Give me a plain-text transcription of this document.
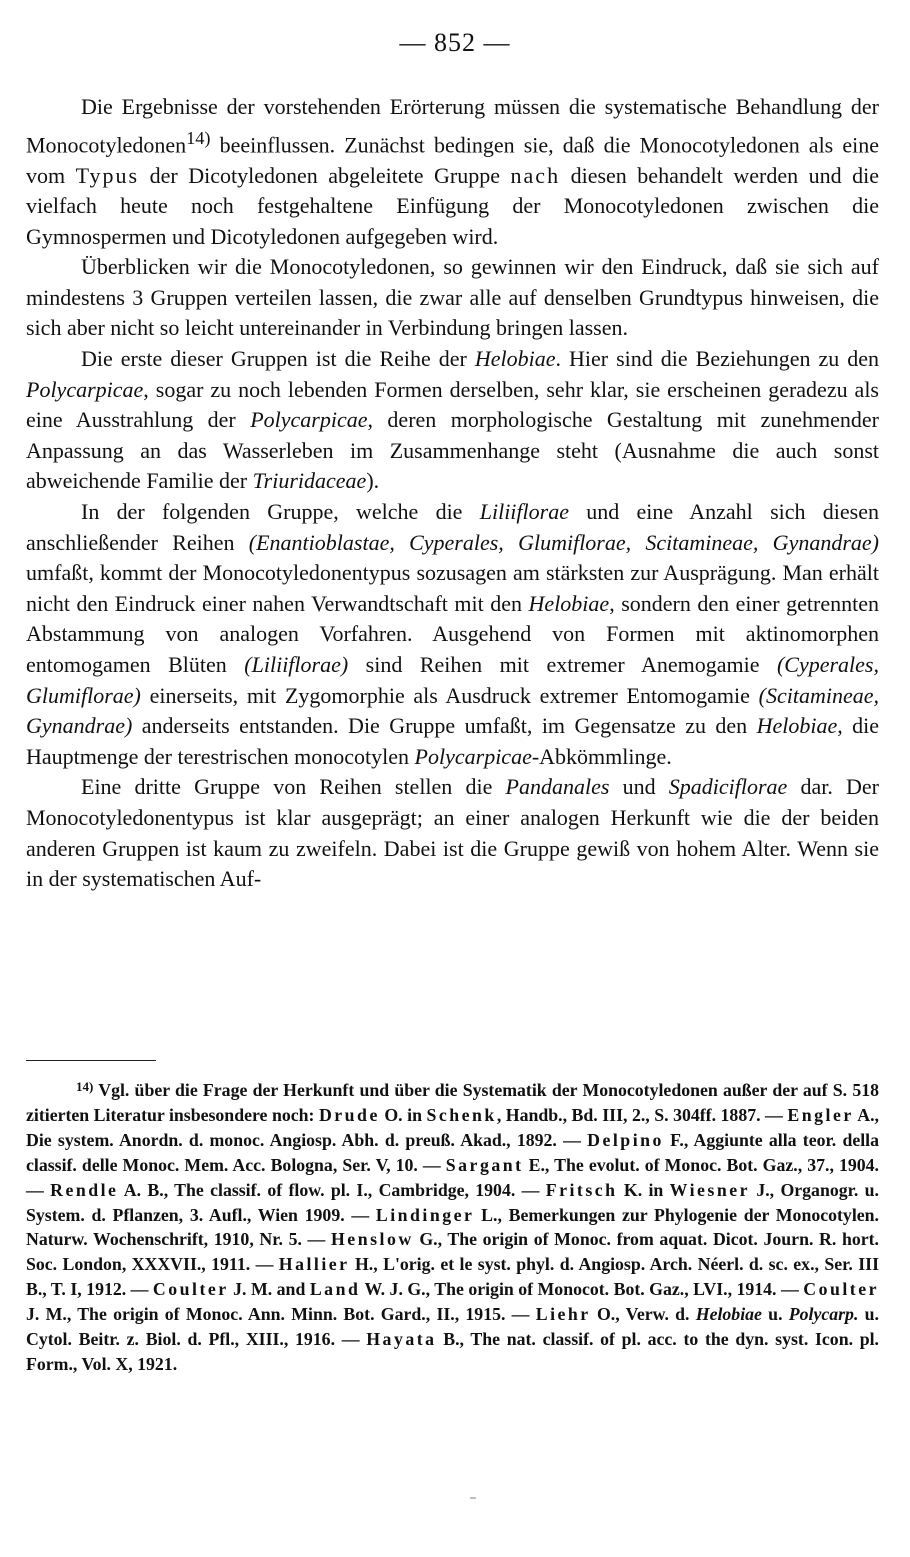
— 852 —

Die Ergebnisse der vorstehenden Erörterung müssen die systematische Behandlung der Monocotyledonen$^{14)}$ beeinflussen. Zunächst bedingen sie, daß die Monocotyledonen als eine vom Typus der Dicotyledonen abgeleitete Gruppe nach diesen behandelt werden und die vielfach heute noch festgehaltene Einfügung der Monocotyledonen zwischen die Gymnospermen und Dicotyledonen aufgegeben wird.

Überblicken wir die Monocotyledonen, so gewinnen wir den Eindruck, daß sie sich auf mindestens 3 Gruppen verteilen lassen, die zwar alle auf denselben Grundtypus hinweisen, die sich aber nicht so leicht untereinander in Verbindung bringen lassen.

Die erste dieser Gruppen ist die Reihe der Helobiae. Hier sind die Beziehungen zu den Polycarpicae, sogar zu noch lebenden Formen derselben, sehr klar, sie erscheinen geradezu als eine Ausstrahlung der Polycarpicae, deren morphologische Gestaltung mit zunehmender Anpassung an das Wasserleben im Zusammenhange steht (Ausnahme die auch sonst abweichende Familie der Triuridaceae).

In der folgenden Gruppe, welche die Liliiflorae und eine Anzahl sich diesen anschließender Reihen (Enantioblastae, Cyperales, Glumiflorae, Scitamineae, Gynandrae) umfaßt, kommt der Monocotyledonentypus sozusagen am stärksten zur Ausprägung. Man erhält nicht den Eindruck einer nahen Verwandtschaft mit den Helobiae, sondern den einer getrennten Abstammung von analogen Vorfahren. Ausgehend von Formen mit aktinomorphen entomogamen Blüten (Liliiflorae) sind Reihen mit extremer Anemogamie (Cyperales, Glumiflorae) einerseits, mit Zygomorphie als Ausdruck extremer Entomogamie (Scitamineae, Gynandrae) anderseits entstanden. Die Gruppe umfaßt, im Gegensatze zu den Helobiae, die Hauptmenge der terestrischen monocotylen Polycarpicae-Abkömmlinge.

Eine dritte Gruppe von Reihen stellen die Pandanales und Spadiciflorae dar. Der Monocotyledonentypus ist klar ausgeprägt; an einer analogen Herkunft wie die der beiden anderen Gruppen ist kaum zu zweifeln. Dabei ist die Gruppe gewiß von hohem Alter. Wenn sie in der systematischen Auf-

$^{14)}$ Vgl. über die Frage der Herkunft und über die Systematik der Monocotyledonen außer der auf S. 518 zitierten Literatur insbesondere noch: Drude O. in Schenk, Handb., Bd. III, 2., S. 304ff. 1887. — Engler A., Die system. Anordn. d. monoc. Angiosp. Abh. d. preuß. Akad., 1892. — Delpino F., Aggiunte alla teor. della classif. delle Monoc. Mem. Acc. Bologna, Ser. V, 10. — Sargant E., The evolut. of Monoc. Bot. Gaz., 37., 1904. — Rendle A. B., The classif. of flow. pl. I., Cambridge, 1904. — Fritsch K. in Wiesner J., Organogr. u. System. d. Pflanzen, 3. Aufl., Wien 1909. — Lindinger L., Bemerkungen zur Phylogenie der Monocotylen. Naturw. Wochenschrift, 1910, Nr. 5. — Henslow G., The origin of Monoc. from aquat. Dicot. Journ. R. hort. Soc. London, XXXVII., 1911. — Hallier H., L'orig. et le syst. phyl. d. Angiosp. Arch. Néerl. d. sc. ex., Ser. III B., T. I, 1912. — Coulter J. M. and Land W. J. G., The origin of Monocot. Bot. Gaz., LVI., 1914. — Coulter J. M., The origin of Monoc. Ann. Minn. Bot. Gard., II., 1915. — Liehr O., Verw. d. Helobiae u. Polycarp. u. Cytol. Beitr. z. Biol. d. Pfl., XIII., 1916. — Hayata B., The nat. classif. of pl. acc. to the dyn. syst. Icon. pl. Form., Vol. X, 1921.
